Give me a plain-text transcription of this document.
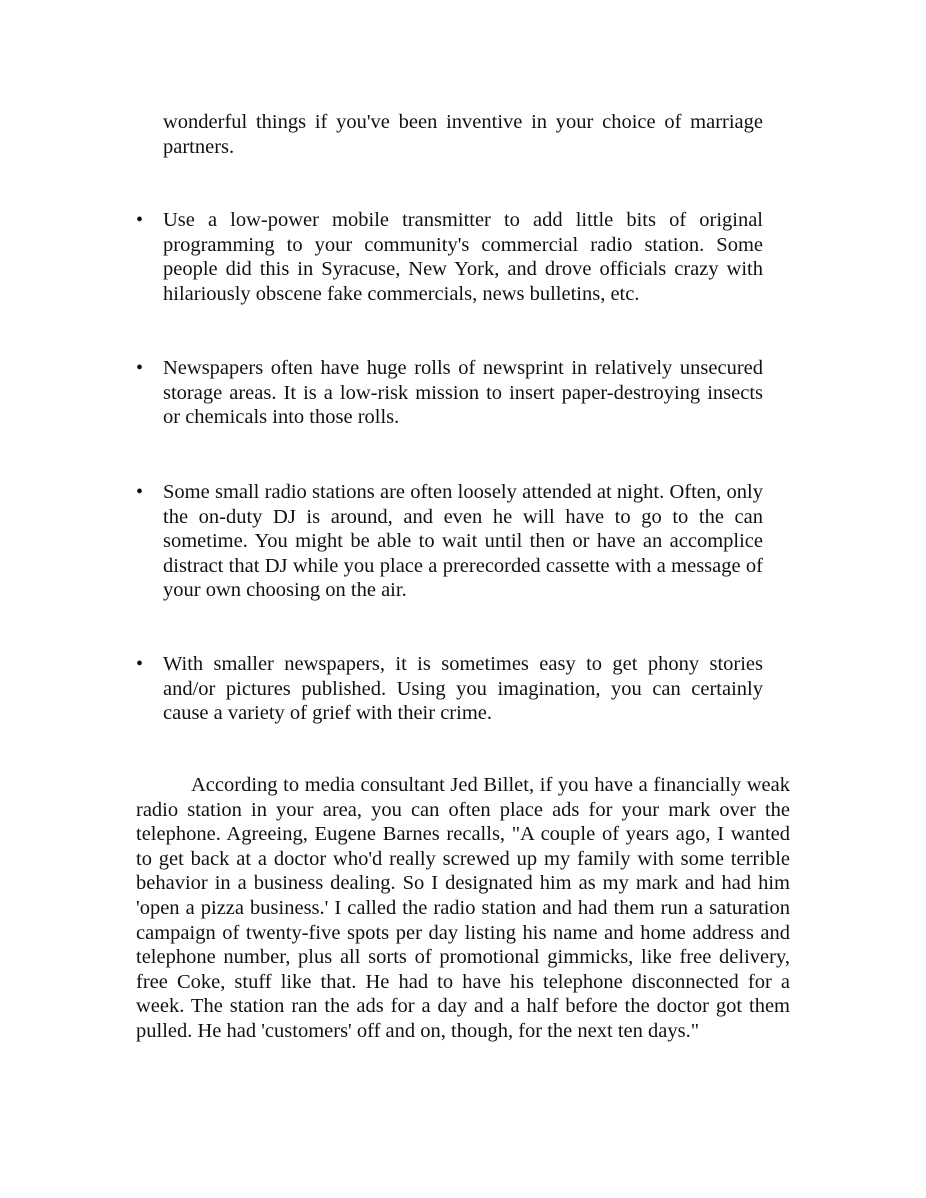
wonderful things if you've been inventive in your choice of marriage partners.

• Use a low-power mobile transmitter to add little bits of original programming to your community's commercial radio station. Some people did this in Syracuse, New York, and drove officials crazy with hilariously obscene fake commercials, news bulletins, etc.

• Newspapers often have huge rolls of newsprint in relatively unsecured storage areas. It is a low-risk mission to insert paper-destroying insects or chemicals into those rolls.

• Some small radio stations are often loosely attended at night. Often, only the on-duty DJ is around, and even he will have to go to the can sometime. You might be able to wait until then or have an accomplice distract that DJ while you place a prerecorded cassette with a message of your own choosing on the air.

• With smaller newspapers, it is sometimes easy to get phony stories and/or pictures published. Using you imagination, you can certainly cause a variety of grief with their crime.

According to media consultant Jed Billet, if you have a financially weak radio station in your area, you can often place ads for your mark over the telephone. Agreeing, Eugene Barnes recalls, "A couple of years ago, I wanted to get back at a doctor who'd really screwed up my family with some terrible behavior in a business dealing. So I designated him as my mark and had him 'open a pizza business.' I called the radio station and had them run a saturation campaign of twenty-five spots per day listing his name and home address and telephone number, plus all sorts of promotional gimmicks, like free delivery, free Coke, stuff like that. He had to have his telephone disconnected for a week. The station ran the ads for a day and a half before the doctor got them pulled. He had 'customers' off and on, though, for the next ten days."
